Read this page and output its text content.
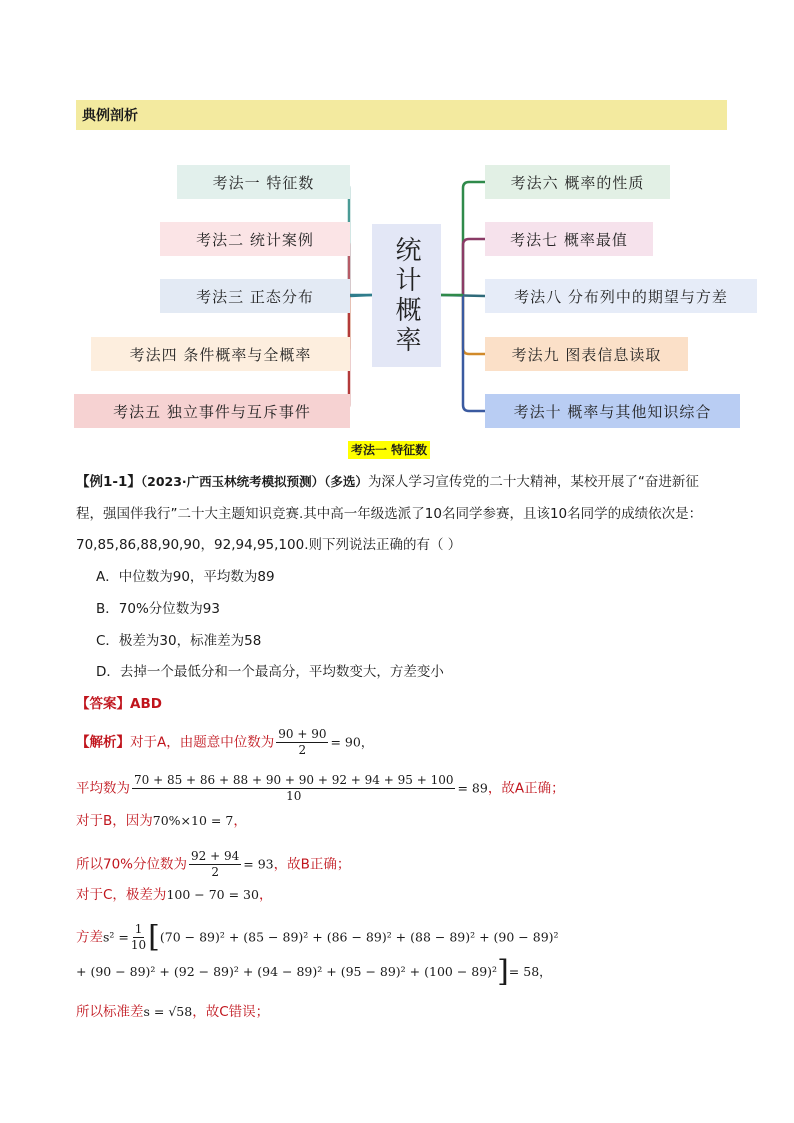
典例剖析
考法一 特征数
考法二 统计案例
考法三 正态分布
考法四 条件概率与全概率
考法五 独立事件与互斥事件
考法六 概率的性质
考法七 概率最值
考法八 分布列中的期望与方差
考法九 图表信息读取
考法十 概率与其他知识综合
统计概率
考法一 特征数
【例1-1】（2023·广西玉林统考模拟预测）（多选）为深人学习宣传党的二十大精神，某校开展了“奋进新征
程，强国伴我行”二十大主题知识竞赛.其中高一年级选派了10名同学参赛，且该10名同学的成绩依次是：
70,85,86,88,90,90，92,94,95,100.则下列说法正确的有（ ）
A．中位数为90，平均数为89
B．70%分位数为93
C．极差为30，标准差为58
D．去掉一个最低分和一个最高分，平均数变大，方差变小
【答案】ABD
【解析】对于A，由题意中位数为 $\frac{90 + 90}{2} = 90$，
平均数为 $\frac{70 + 85 + 86 + 88 + 90 + 90 + 92 + 94 + 95 + 100}{10} = 89$，故A正确；
对于B，因为70%×10 = 7，
所以70%分位数为 $\frac{92 + 94}{2} = 93$，故B正确；
对于C，极差为100 − 70 = 30，
方差$s^2 = \frac{1}{10} [(70 - 89)^2 + (85 - 89)^2 + (86 - 89)^2 + (88 - 89)^2 + (90 - 89)^2$
+ (90 − 89)² + (92 − 89)² + (94 − 89)² + (95 − 89)² + (100 − 89)²]= 58，
所以标准差s = √58，故C错误；
